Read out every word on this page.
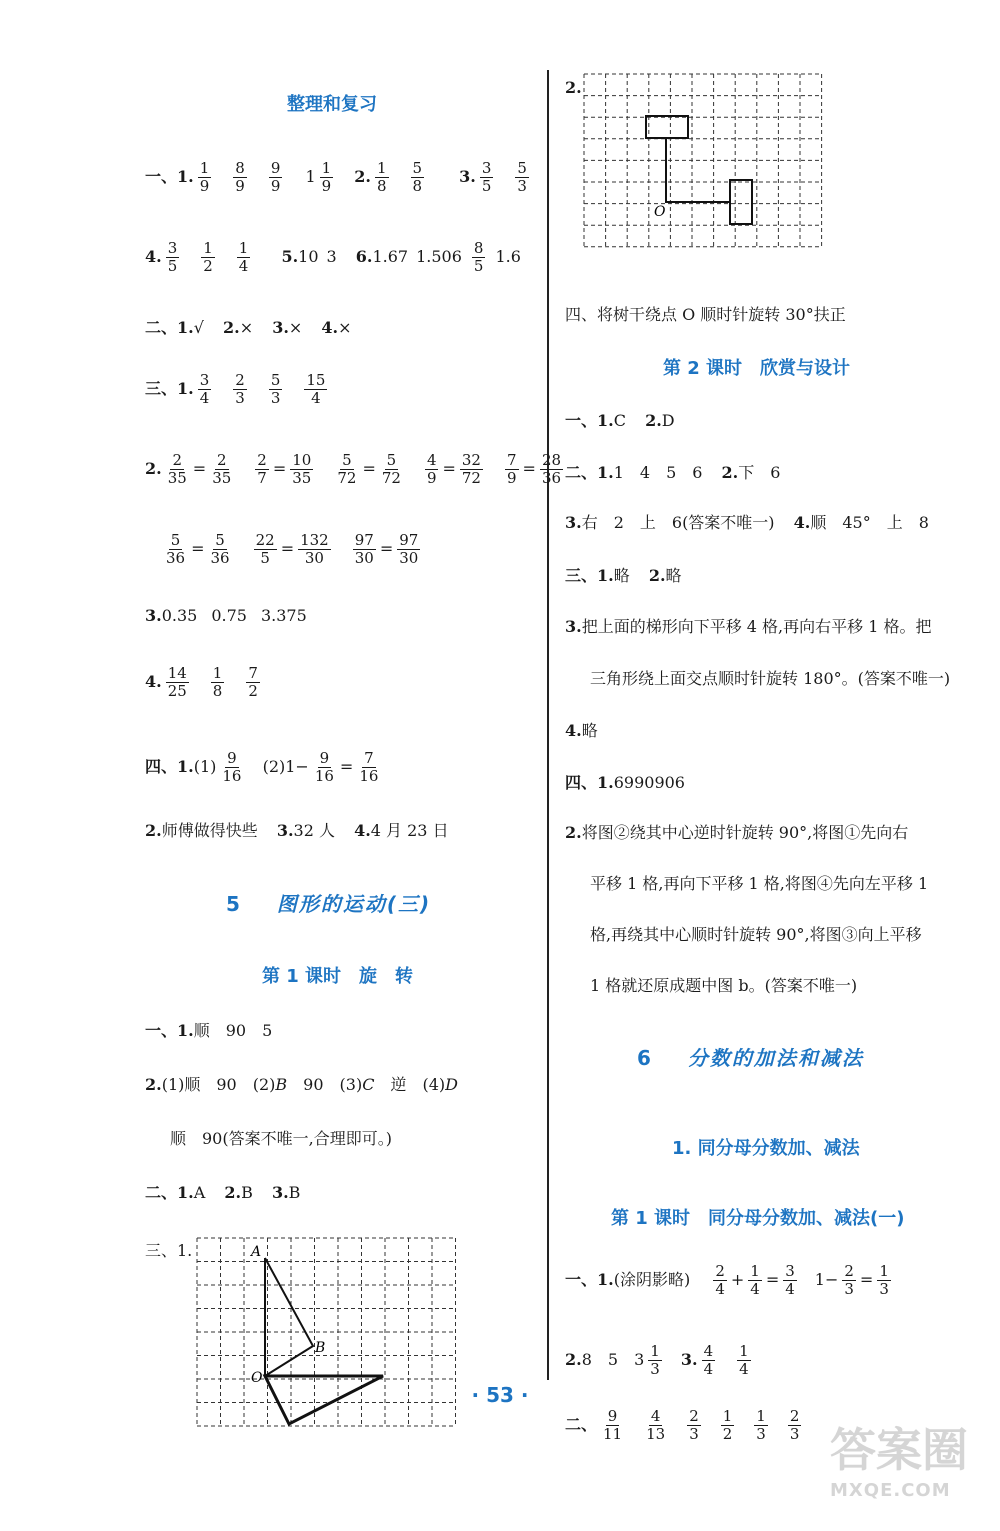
整理和复习
一、1. $\frac{1}{9} \frac{8}{9} \frac{9}{9} 1 \frac{1}{9} 2$. $\frac{1}{8} \frac{5}{8} 3$. $\frac{3}{5} \frac{5}{3}$
4. $\frac{3}{5} \frac{1}{2} \frac{1}{4} 5.10$ 3 6.1.67 $1.506 \frac{8}{5} 1.6$
二、1.√ 2.× 3.× 4.×
三、1. $\frac{3}{4} \frac{2}{3} \frac{5}{3} \frac{15}{4}$
2. $\frac{2}{35} = \frac{2}{35} \frac{2}{7} = \frac{10}{35} \frac{5}{72} = \frac{5}{72} \frac{4}{9} = \frac{32}{72} \frac{7}{9} = \frac{28}{36}$
$\frac{5}{36} = \frac{5}{36} \frac{22}{5} = \frac{132}{30} \frac{97}{30} = \frac{97}{30}$
3.0.35 0.75 3.375
4. $\frac{14}{25} \frac{1}{8} \frac{7}{2}$
四、$1.(1) \frac{9}{16} (2)1- \frac{9}{16} = \frac{7}{16}$
2.师傅做得快些 3.32 人 4.4 月 23 日
5 图形的运动(三)
第 1 课时　旋　转
一、1.顺　90　5
2.(1)顺　90　(2)B　90　(3)C　逆　(4)D
顺　90(答案不唯一,合理即可。)
二、1.A 2.B 3.B
三、1.	A
B
O
2.
O
四、将树干绕点 O 顺时针旋转 30°扶正
第 2 课时　欣赏与设计
一、1.C 2.D
二、1.1　4　5　6 2.下　6
3.右　2　上　6(答案不唯一) 4.顺　45°　上　8
三、1.略 2.略
3.把上面的梯形向下平移 4 格,再向右平移 1 格。把
三角形绕上面交点顺时针旋转 180°。(答案不唯一)
4.略
四、1.6990906
2.将图②绕其中心逆时针旋转 90°,将图①先向右
平移 1 格,再向下平移 1 格,将图④先向左平移 1
格,再绕其中心顺时针旋转 90°,将图③向上平移
1 格就还原成题中图 b。(答案不唯一)
6 分数的加法和减法
1. 同分母分数加、减法
第 1 课时　同分母分数加、减法(一)
一、1.(涂阴影略) $\frac{2}{4} + \frac{1}{4} = \frac{3}{4} 1- \frac{2}{3} = \frac{1}{3}$
2.8　5　$3 \frac{1}{3} 3$. $\frac{4}{4} \frac{1}{4}$
二、 $\frac{9}{11} \frac{4}{13} \frac{2}{3} \frac{1}{2} \frac{1}{3} \frac{2}{3}$
· 53 ·
答案圈
MXQE.COM
